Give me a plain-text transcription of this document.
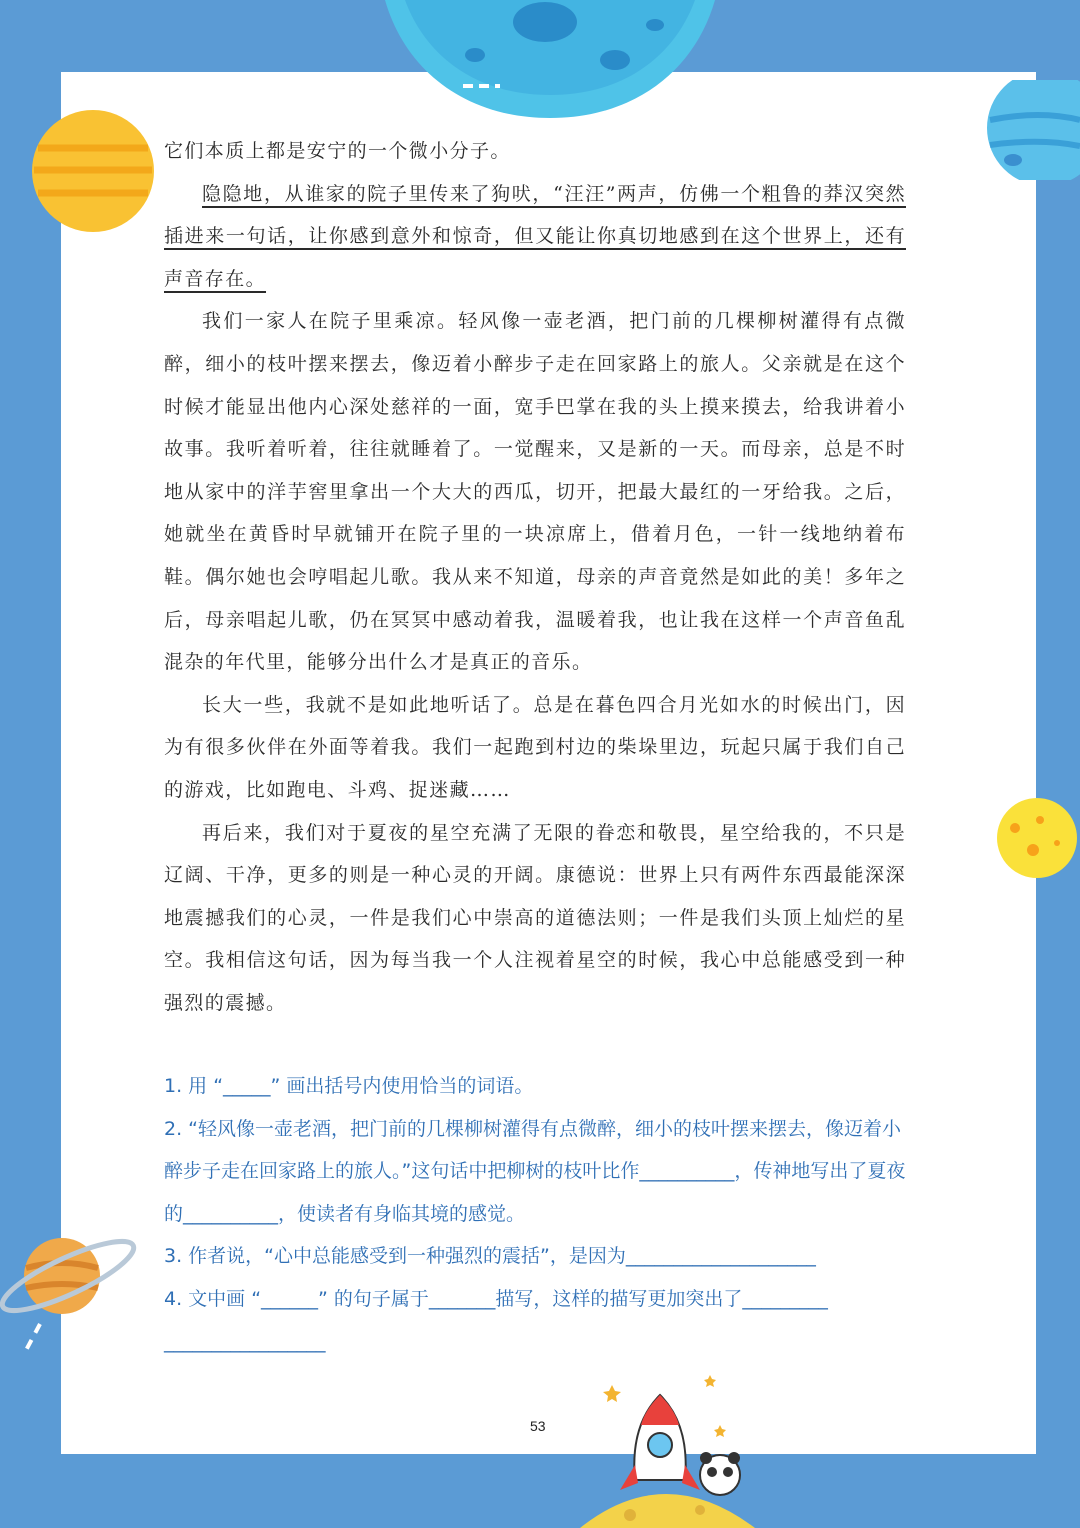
它们本质上都是安宁的一个微小分子。

隐隐地，从谁家的院子里传来了狗吠，“汪汪”两声，仿佛一个粗鲁的莽汉突然插进来一句话，让你感到意外和惊奇，但又能让你真切地感到在这个世界上，还有声音存在。

我们一家人在院子里乘凉。轻风像一壶老酒，把门前的几棵柳树灌得有点微醉，细小的枝叶摆来摆去，像迈着小醉步子走在回家路上的旅人。父亲就是在这个时候才能显出他内心深处慈祥的一面，宽手巴掌在我的头上摸来摸去，给我讲着小故事。我听着听着，往往就睡着了。一觉醒来，又是新的一天。而母亲，总是不时地从家中的洋芋窖里拿出一个大大的西瓜，切开，把最大最红的一牙给我。之后，她就坐在黄昏时早就铺开在院子里的一块凉席上，借着月色，一针一线地纳着布鞋。偶尔她也会哼唱起儿歌。我从来不知道，母亲的声音竟然是如此的美！多年之后，母亲唱起儿歌，仍在冥冥中感动着我，温暖着我，也让我在这样一个声音鱼乱混杂的年代里，能够分出什么才是真正的音乐。

长大一些，我就不是如此地听话了。总是在暮色四合月光如水的时候出门，因为有很多伙伴在外面等着我。我们一起跑到村边的柴垛里边，玩起只属于我们自己的游戏，比如跑电、斗鸡、捉迷藏……

再后来，我们对于夏夜的星空充满了无限的眷恋和敬畏，星空给我的，不只是辽阔、干净，更多的则是一种心灵的开阔。康德说：世界上只有两件东西最能深深地震撼我们的心灵，一件是我们心中崇高的道德法则；一件是我们头顶上灿烂的星空。我相信这句话，因为每当我一个人注视着星空的时候，我心中总能感受到一种强烈的震撼。

1. 用 “_____” 画出括号内使用恰当的词语。

2. “轻风像一壶老酒，把门前的几棵柳树灌得有点微醉，细小的枝叶摆来摆去，像迈着小醉步子走在回家路上的旅人。”这句话中把柳树的枝叶比作__________，传神地写出了夏夜的__________，使读者有身临其境的感觉。

3. 作者说，“心中总能感受到一种强烈的震括”，是因为____________________

4. 文中画 “______” 的句子属于_______描写，这样的描写更加突出了_________

_________________

53
